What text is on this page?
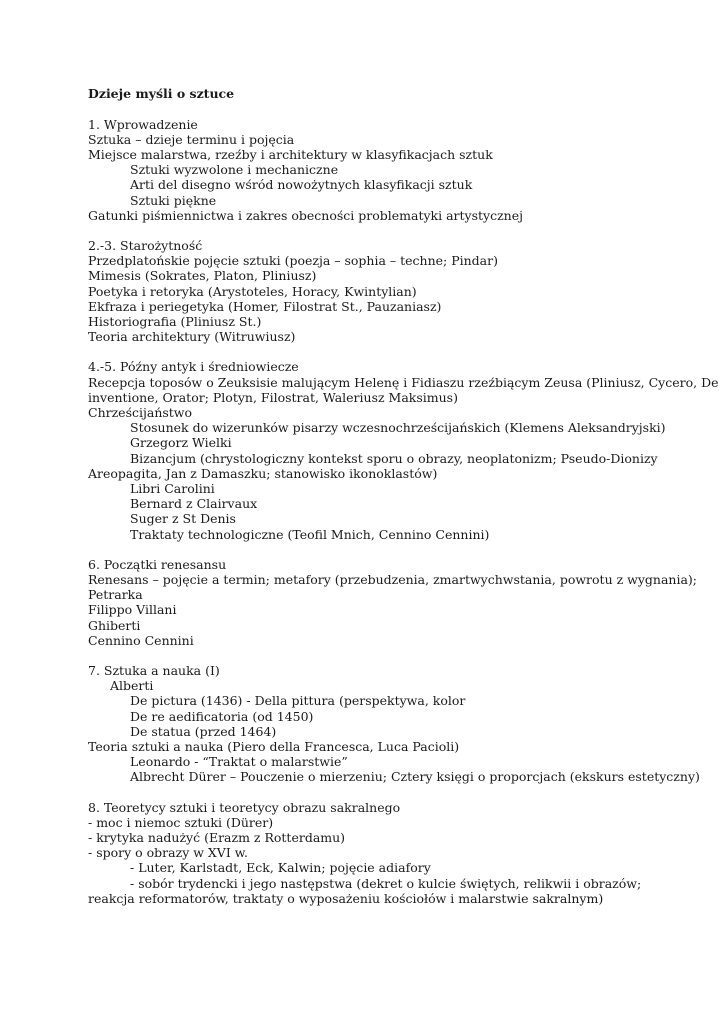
Dzieje myśli o sztuce
1. Wprowadzenie
Sztuka – dzieje terminu i pojęcia
Miejsce malarstwa, rzeźby i architektury w klasyfikacjach sztuk
Sztuki wyzwolone i mechaniczne
Arti del disegno wśród nowożytnych klasyfikacji sztuk
Sztuki piękne
Gatunki piśmiennictwa i zakres obecności problematyki artystycznej
2.-3. Starożytność
Przedplatońskie pojęcie sztuki (poezja – sophia – techne; Pindar)
Mimesis (Sokrates, Platon, Pliniusz)
Poetyka i retoryka (Arystoteles, Horacy, Kwintylian)
Ekfraza i periegetyka (Homer, Filostrat St., Pauzaniasz)
Historiografia (Pliniusz St.)
Teoria architektury (Witruwiusz)
4.-5. Późny antyk i średniowiecze
Recepcja toposów o Zeuksisie malującym Helenę i Fidiaszu rzeźbiącym Zeusa (Pliniusz, Cycero, De
inventione, Orator; Plotyn, Filostrat, Waleriusz Maksimus)
Chrześcijaństwo
Stosunek do wizerunków pisarzy wczesnochrześcijańskich (Klemens Aleksandryjski)
Grzegorz Wielki
Bizancjum (chrystologiczny kontekst sporu o obrazy, neoplatonizm; Pseudo-Dionizy
Areopagita, Jan z Damaszku; stanowisko ikonoklastów)
Libri Carolini
Bernard z Clairvaux
Suger z St Denis
Traktaty technologiczne (Teofil Mnich, Cennino Cennini)
6. Początki renesansu
Renesans – pojęcie a termin; metafory (przebudzenia, zmartwychwstania, powrotu z wygnania);
Petrarka
Filippo Villani
Ghiberti
Cennino Cennini
7. Sztuka a nauka (I)
Alberti
De pictura (1436) - Della pittura (perspektywa, kolor
De re aedificatoria (od 1450)
De statua (przed 1464)
Teoria sztuki a nauka (Piero della Francesca, Luca Pacioli)
Leonardo - “Traktat o malarstwie”
Albrecht Dürer – Pouczenie o mierzeniu; Cztery księgi o proporcjach (ekskurs estetyczny)
8. Teoretycy sztuki i teoretycy obrazu sakralnego
- moc i niemoc sztuki (Dürer)
- krytyka nadużyć (Erazm z Rotterdamu)
- spory o obrazy w XVI w.
- Luter, Karlstadt, Eck, Kalwin; pojęcie adiafory
- sobór trydencki i jego następstwa (dekret o kulcie świętych, relikwii i obrazów;
reakcja reformatorów, traktaty o wyposażeniu kościołów i malarstwie sakralnym)
